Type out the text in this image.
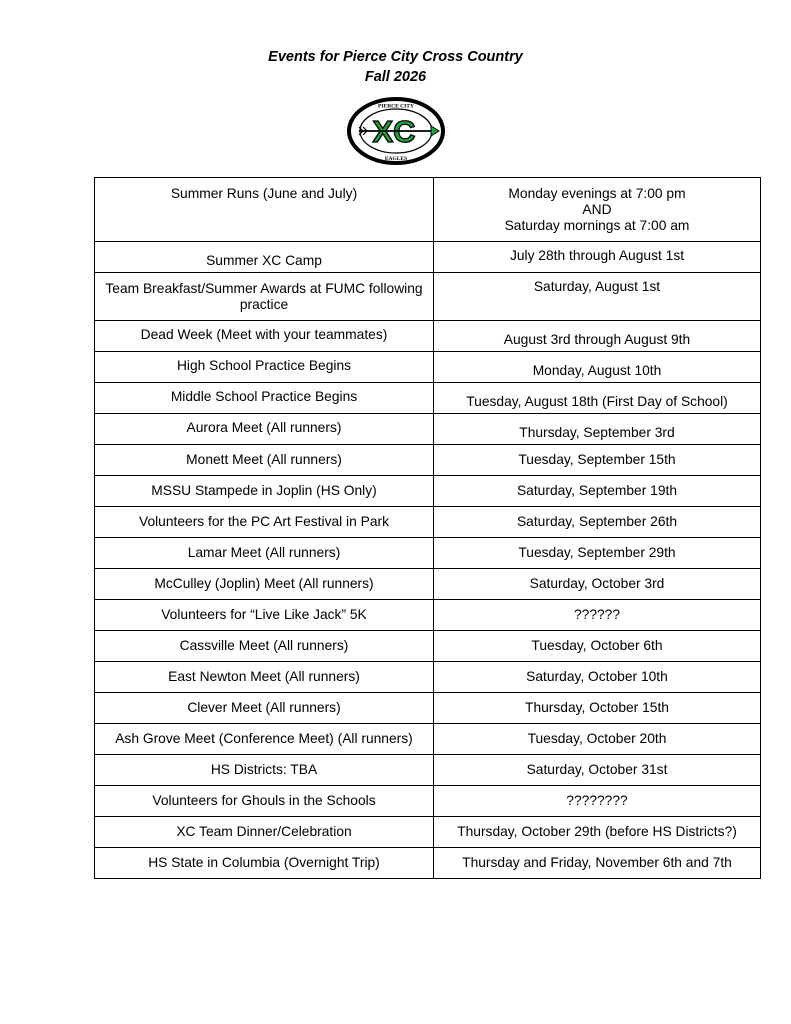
Events for Pierce City Cross Country
Fall 2026
PIERCE CITY
XC
EAGLES
Summer Runs (June and July)	Monday evenings at 7:00 pm
AND
Saturday mornings at 7:00 am

Summer XC Camp	July 28th through August 1st
Team Breakfast/Summer Awards at FUMC following practice	Saturday, August 1st
Dead Week (Meet with your teammates)	August 3rd through August 9th
High School Practice Begins	Monday, August 10th
Middle School Practice Begins	Tuesday, August 18th (First Day of School)
Aurora Meet (All runners)	Thursday, September 3rd
Monett Meet (All runners)	Tuesday, September 15th
MSSU Stampede in Joplin (HS Only)	Saturday, September 19th
Volunteers for the PC Art Festival in Park	Saturday, September 26th
Lamar Meet (All runners)	Tuesday, September 29th
McCulley (Joplin) Meet (All runners)	Saturday, October 3rd
Volunteers for “Live Like Jack” 5K	??????
Cassville Meet (All runners)	Tuesday, October 6th
East Newton Meet (All runners)	Saturday, October 10th
Clever Meet (All runners)	Thursday, October 15th
Ash Grove Meet (Conference Meet) (All runners)	Tuesday, October 20th
HS Districts: TBA	Saturday, October 31st
Volunteers for Ghouls in the Schools	????????
XC Team Dinner/Celebration	Thursday, October 29th (before HS Districts?)
HS State in Columbia (Overnight Trip)	Thursday and Friday, November 6th and 7th
